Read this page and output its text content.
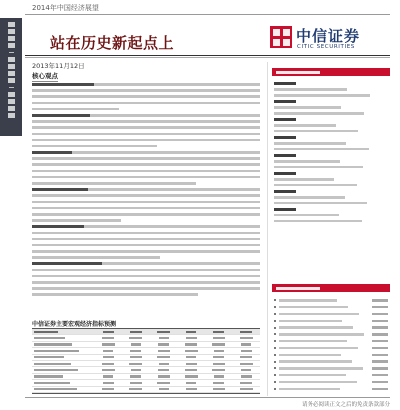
2014年中国经济展望
站在历史新起点上	中信证券
CITIC SECURITIES
2013年11月12日
核心观点
中信证券主要宏观经济指标预测
请务必阅读正文之后的免责条款部分
